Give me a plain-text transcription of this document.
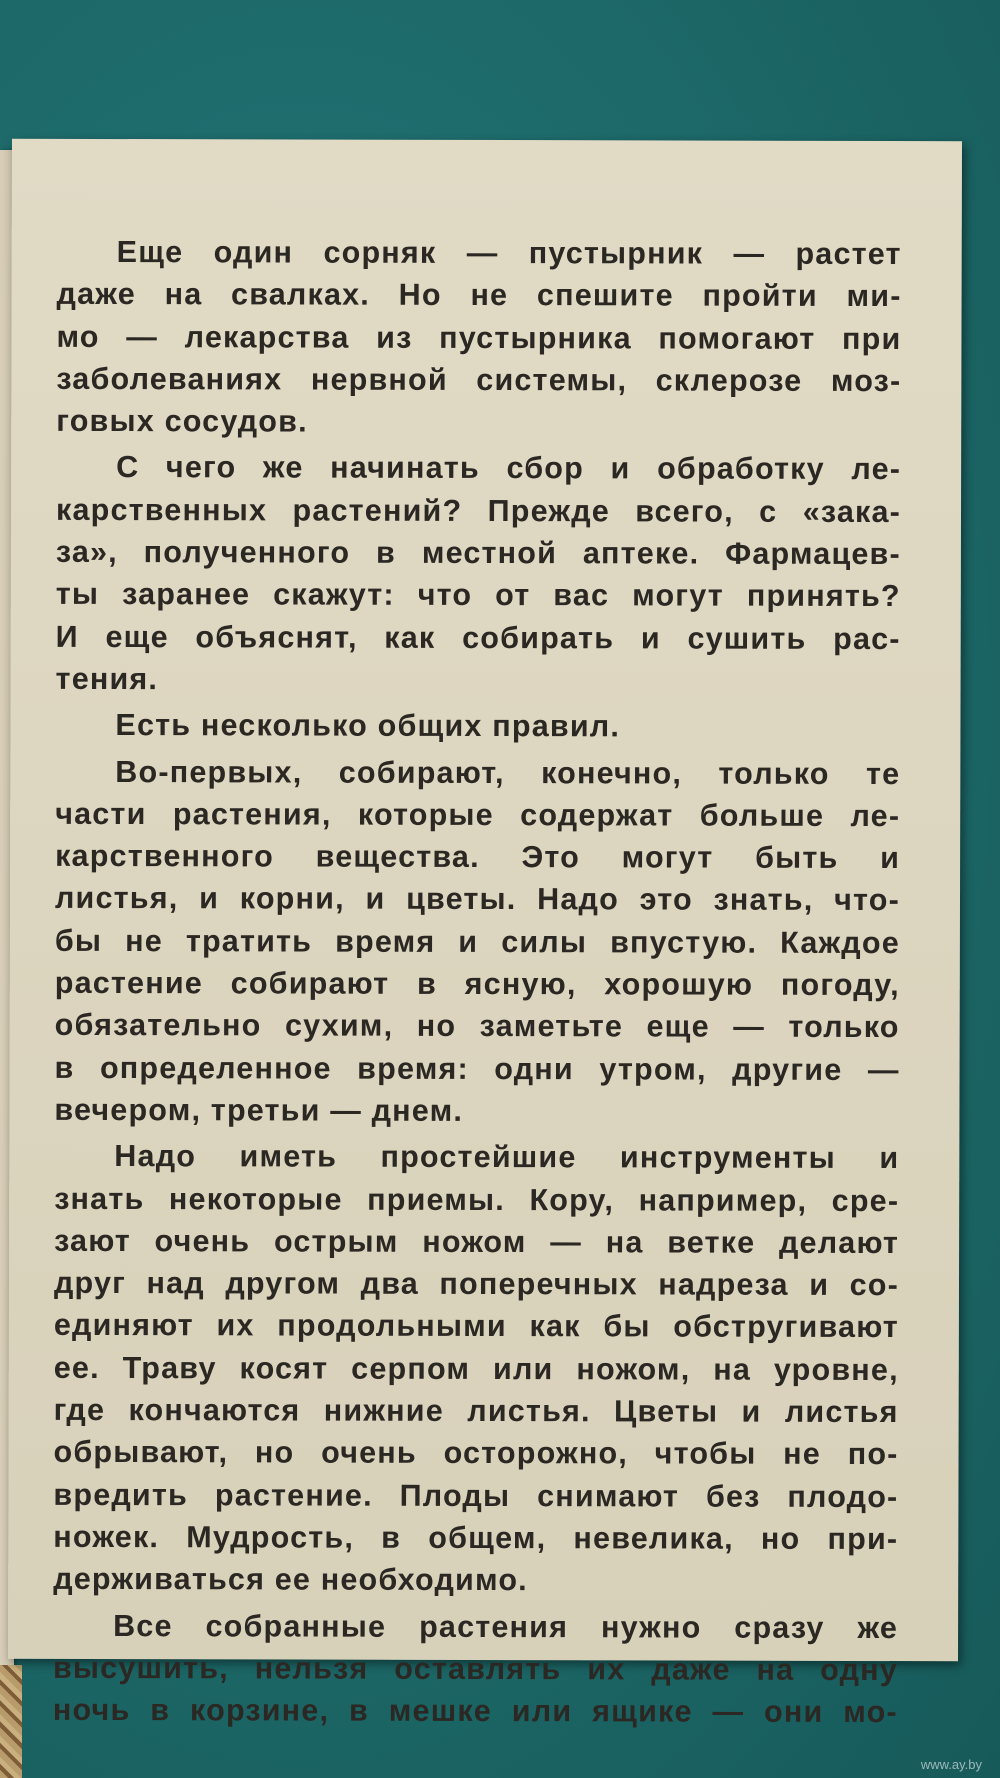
Еще один сорняк — пустырник — растет
даже на свалках. Но не спешите пройти ми-
мо — лекарства из пустырника помогают при
заболеваниях нервной системы, склерозе моз-
говых сосудов.
С чего же начинать сбор и обработку ле-
карственных растений? Прежде всего, с «зака-
за», полученного в местной аптеке. Фармацев-
ты заранее скажут: что от вас могут принять?
И еще объяснят, как собирать и сушить рас-
тения.
Есть несколько общих правил.
Во-первых, собирают, конечно, только те
части растения, которые содержат больше ле-
карственного вещества. Это могут быть и
листья, и корни, и цветы. Надо это знать, что-
бы не тратить время и силы впустую. Каждое
растение собирают в ясную, хорошую погоду,
обязательно сухим, но заметьте еще — только
в определенное время: одни утром, другие —
вечером, третьи — днем.
Надо иметь простейшие инструменты и
знать некоторые приемы. Кору, например, сре-
зают очень острым ножом — на ветке делают
друг над другом два поперечных надреза и со-
единяют их продольными как бы обстругивают
ее. Траву косят серпом или ножом, на уровне,
где кончаются нижние листья. Цветы и листья
обрывают, но очень осторожно, чтобы не по-
вредить растение. Плоды снимают без плодо-
ножек. Мудрость, в общем, невелика, но при-
держиваться ее необходимо.
Все собранные растения нужно сразу же
высушить, нельзя оставлять их даже на одну
ночь в корзине, в мешке или ящике — они мо-
www.ay.by
